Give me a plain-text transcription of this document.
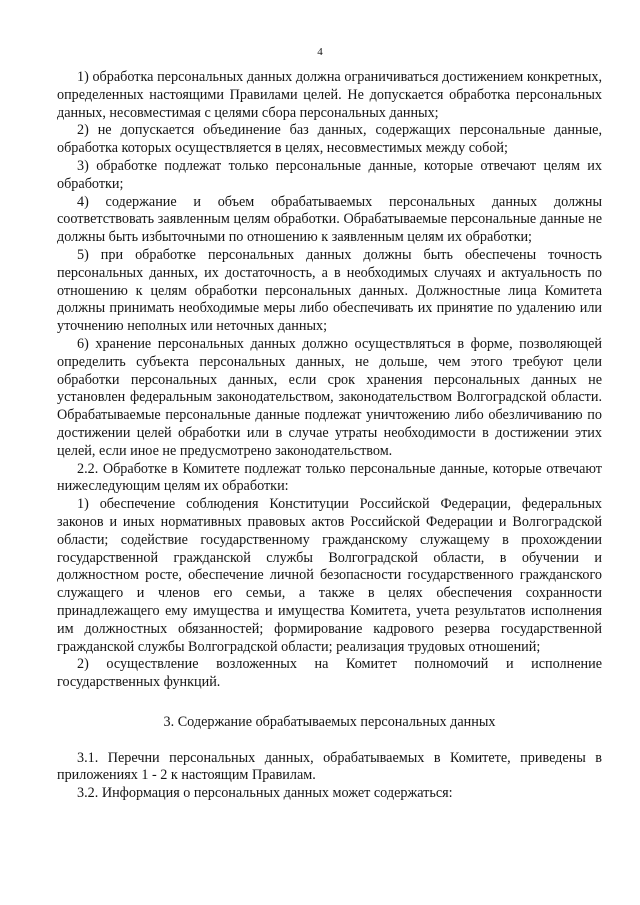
4

1) обработка персональных данных должна ограничиваться достижением конкретных, определенных настоящими Правилами целей. Не допускается обработка персональных данных, несовместимая с целями сбора персональных данных;

2) не допускается объединение баз данных, содержащих персональные данные, обработка которых осуществляется в целях, несовместимых между собой;

3) обработке подлежат только персональные данные, которые отвечают целям их обработки;

4) содержание и объем обрабатываемых персональных данных должны соответствовать заявленным целям обработки. Обрабатываемые персональные данные не должны быть избыточными по отношению к заявленным целям их обработки;

5) при обработке персональных данных должны быть обеспечены точность персональных данных, их достаточность, а в необходимых случаях и актуальность по отношению к целям обработки персональных данных. Должностные лица Комитета должны принимать необходимые меры либо обеспечивать их принятие по удалению или уточнению неполных или неточных данных;

6) хранение персональных данных должно осуществляться в форме, позволяющей определить субъекта персональных данных, не дольше, чем этого требуют цели обработки персональных данных, если срок хранения персональных данных не установлен федеральным законодательством, законодательством Волгоградской области. Обрабатываемые персональные данные подлежат уничтожению либо обезличиванию по достижении целей обработки или в случае утраты необходимости в достижении этих целей, если иное не предусмотрено законодательством.

2.2. Обработке в Комитете подлежат только персональные данные, которые отвечают нижеследующим целям их обработки:

1) обеспечение соблюдения Конституции Российской Федерации, федеральных законов и иных нормативных правовых актов Российской Федерации и Волгоградской области; содействие государственному гражданскому служащему в прохождении государственной гражданской службы Волгоградской области, в обучении и должностном росте, обеспечение личной безопасности государственного гражданского служащего и членов его семьи, а также в целях обеспечения сохранности принадлежащего ему имущества и имущества Комитета, учета результатов исполнения им должностных обязанностей; формирование кадрового резерва государственной гражданской службы Волгоградской области; реализация трудовых отношений;

2) осуществление возложенных на Комитет полномочий и исполнение государственных функций.

3. Содержание обрабатываемых персональных данных

3.1. Перечни персональных данных, обрабатываемых в Комитете, приведены в приложениях 1 - 2 к настоящим Правилам.

3.2. Информация о персональных данных может содержаться:
